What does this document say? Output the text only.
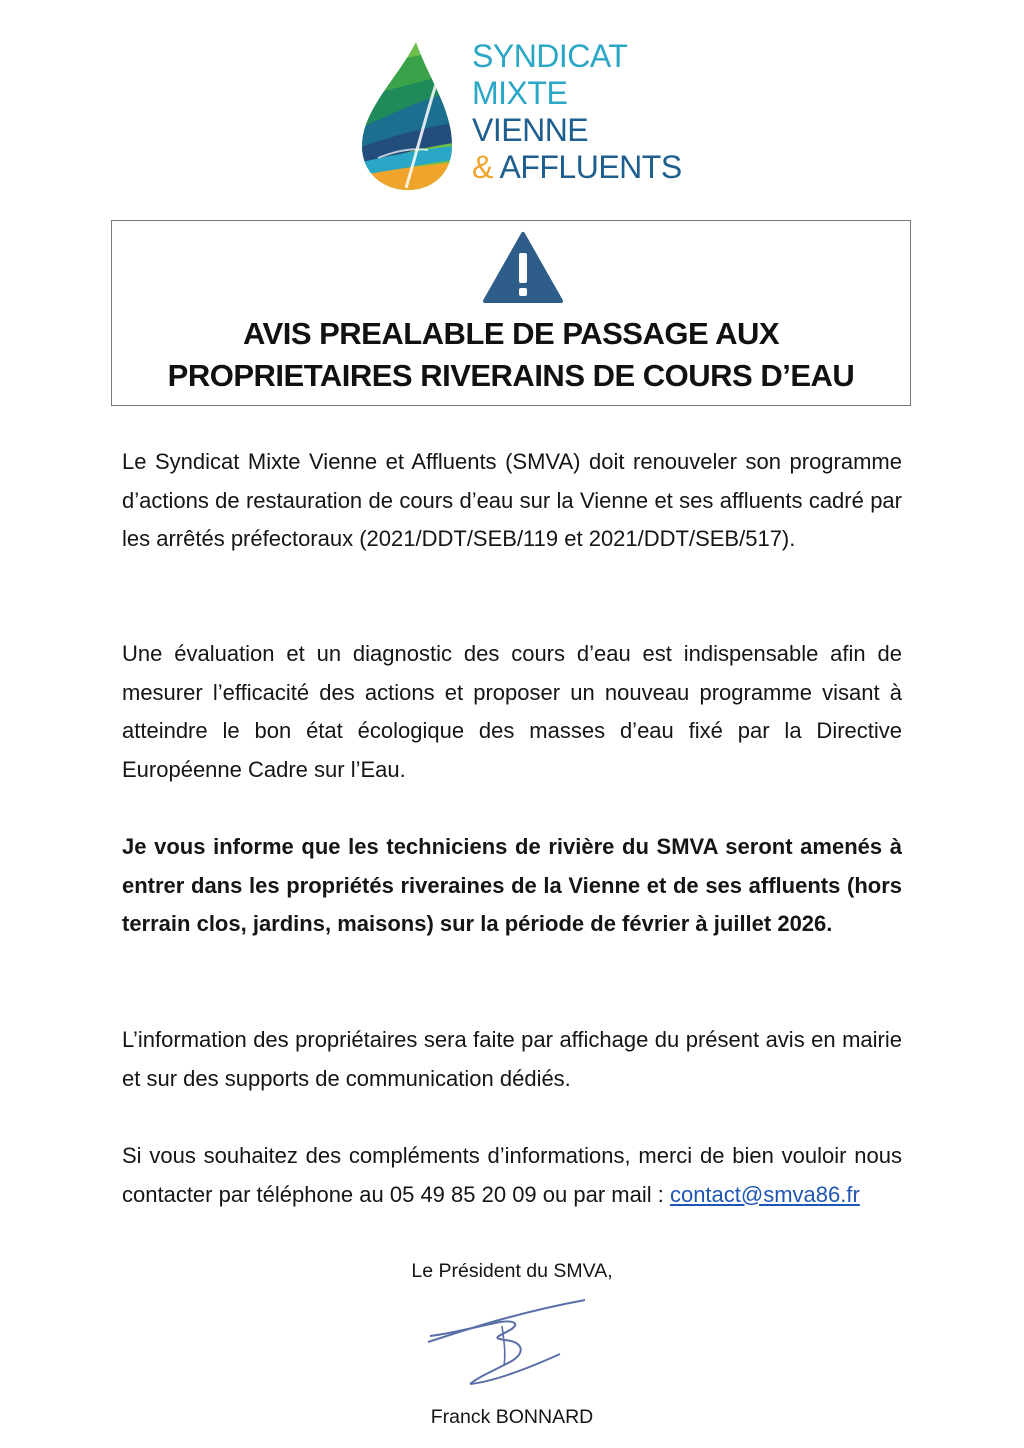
SYNDICAT
MIXTE
VIENNE
& AFFLUENTS
AVIS PREALABLE DE PASSAGE AUX
PROPRIETAIRES RIVERAINS DE COURS D’EAU
Le Syndicat Mixte Vienne et Affluents (SMVA) doit renouveler son programme d’actions de restauration de cours d’eau sur la Vienne et ses affluents cadré par les arrêtés préfectoraux (2021/DDT/SEB/119 et 2021/DDT/SEB/517).
Une évaluation et un diagnostic des cours d’eau est indispensable afin de mesurer l’efficacité des actions et proposer un nouveau programme visant à atteindre le bon état écologique des masses d’eau fixé par la Directive Européenne Cadre sur l’Eau.
Je vous informe que les techniciens de rivière du SMVA seront amenés à entrer dans les propriétés riveraines de la Vienne et de ses affluents (hors terrain clos, jardins, maisons) sur la période de février à juillet 2026.
L’information des propriétaires sera faite par affichage du présent avis en mairie et sur des supports de communication dédiés.
Si vous souhaitez des compléments d’informations, merci de bien vouloir nous contacter par téléphone au 05 49 85 20 09 ou par mail : contact@smva86.fr
Le Président du SMVA,
Franck BONNARD
